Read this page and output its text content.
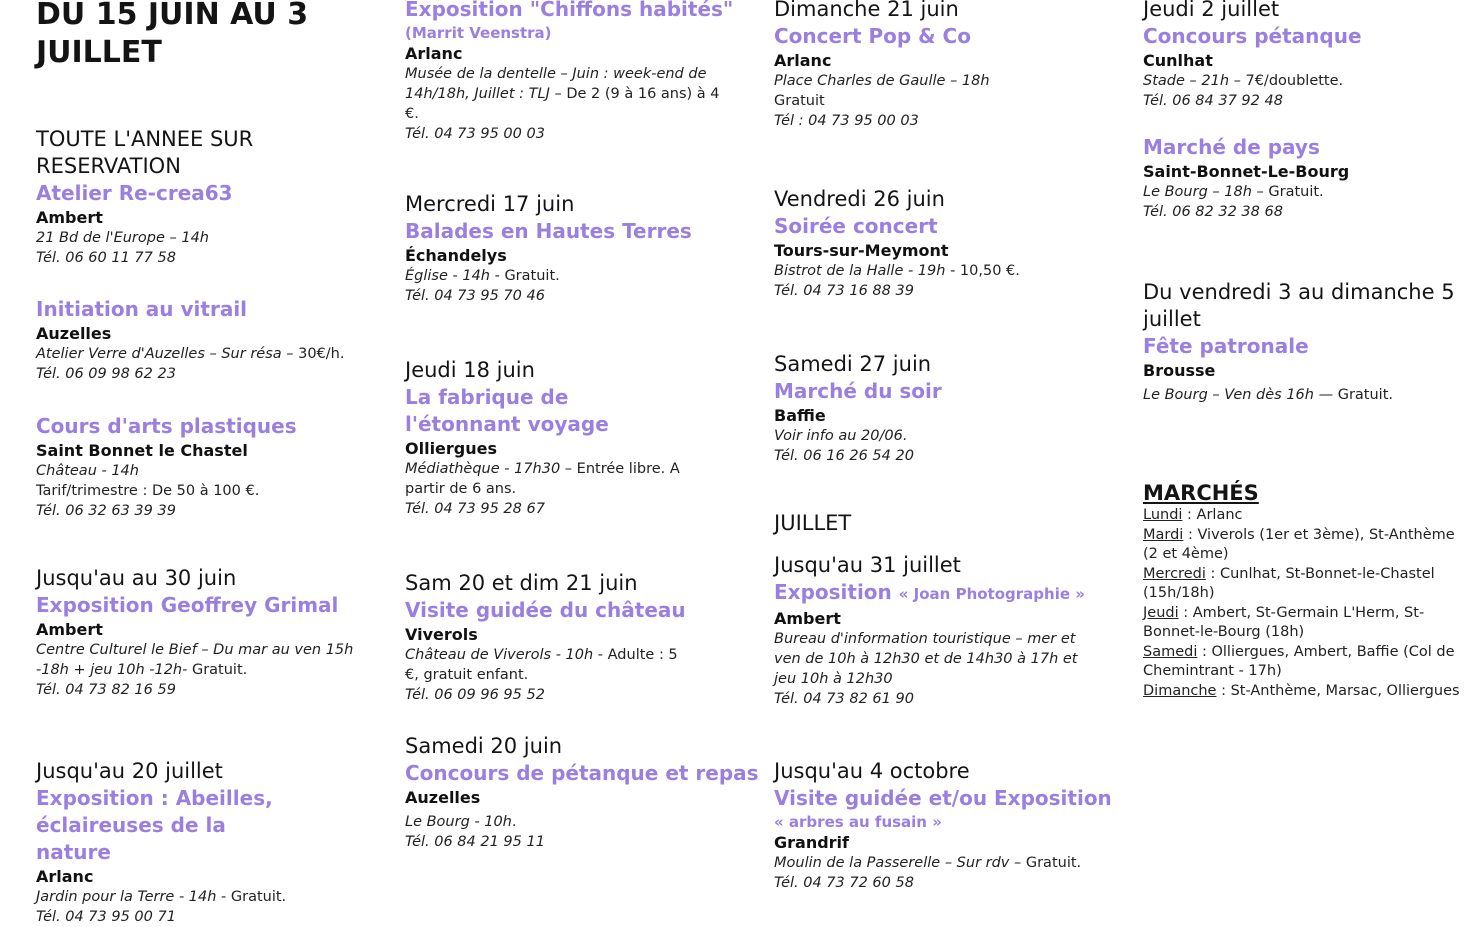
DU 15 JUIN AU 3 JUILLET

TOUTE L'ANNEE SUR RESERVATION

Atelier Re-crea63

Ambert

21 Bd de l'Europe – 14h

Tél. 06 60 11 77 58

Initiation au vitrail

Auzelles

Atelier Verre d'Auzelles – Sur résa – 30€/h.

Tél. 06 09 98 62 23

Cours d'arts plastiques

Saint Bonnet le Chastel

Château - 14h

Tarif/trimestre : De 50 à 100 €.

Tél. 06 32 63 39 39

Jusqu'au au 30 juin

Exposition Geoffrey Grimal

Ambert

Centre Culturel le Bief – Du mar au ven 15h -18h + jeu 10h -12h- Gratuit.

Tél. 04 73 82 16 59

Jusqu'au 20 juillet

Exposition : Abeilles, éclaireuses de la nature

Arlanc

Jardin pour la Terre - 14h - Gratuit.

Tél. 04 73 95 00 71

Exposition "Chiffons habités"

(Marrit Veenstra)

Arlanc

Musée de la dentelle – Juin : week-end de 14h/18h, Juillet : TLJ – De 2 (9 à 16 ans) à 4 €.

Tél. 04 73 95 00 03

Mercredi 17 juin

Balades en Hautes Terres

Échandelys

Église - 14h - Gratuit.

Tél. 04 73 95 70 46

Jeudi 18 juin

La fabrique de l'étonnant voyage

Olliergues

Médiathèque - 17h30 – Entrée libre. A partir de 6 ans.

Tél. 04 73 95 28 67

Sam 20 et dim 21 juin

Visite guidée du château

Viverols

Château de Viverols - 10h - Adulte : 5 €, gratuit enfant.

Tél. 06 09 96 95 52

Samedi 20 juin

Concours de pétanque et repas

Auzelles

Le Bourg - 10h.

Tél. 06 84 21 95 11

Dimanche 21 juin

Concert Pop & Co

Arlanc

Place Charles de Gaulle – 18h

Gratuit

Tél : 04 73 95 00 03

Vendredi 26 juin

Soirée concert

Tours-sur-Meymont

Bistrot de la Halle - 19h - 10,50 €.

Tél. 04 73 16 88 39

Samedi 27 juin

Marché du soir

Baffie

Voir info au 20/06.

Tél. 06 16 26 54 20

JUILLET

Jusqu'au 31 juillet

Exposition « Joan Photographie »

Ambert

Bureau d'information touristique – mer et ven de 10h à 12h30 et de 14h30 à 17h et jeu 10h à 12h30

Tél. 04 73 82 61 90

Jusqu'au 4 octobre

Visite guidée et/ou Exposition

« arbres au fusain »

Grandrif

Moulin de la Passerelle – Sur rdv – Gratuit.

Tél. 04 73 72 60 58

Jeudi 2 juillet

Concours pétanque

Cunlhat

Stade – 21h – 7€/doublette.

Tél. 06 84 37 92 48

Marché de pays

Saint-Bonnet-Le-Bourg

Le Bourg – 18h – Gratuit.

Tél. 06 82 32 38 68

Du vendredi 3 au dimanche 5 juillet

Fête patronale

Brousse

Le Bourg – Ven dès 16h — Gratuit.

MARCHÉS

Lundi : Arlanc

Mardi : Viverols (1er et 3ème), St-Anthème (2 et 4ème)

Mercredi : Cunlhat, St-Bonnet-le-Chastel (15h/18h)

Jeudi : Ambert, St-Germain L'Herm, St-Bonnet-le-Bourg (18h)

Samedi : Olliergues, Ambert, Baffie (Col de Chemintrant - 17h)

Dimanche : St-Anthème, Marsac, Olliergues
